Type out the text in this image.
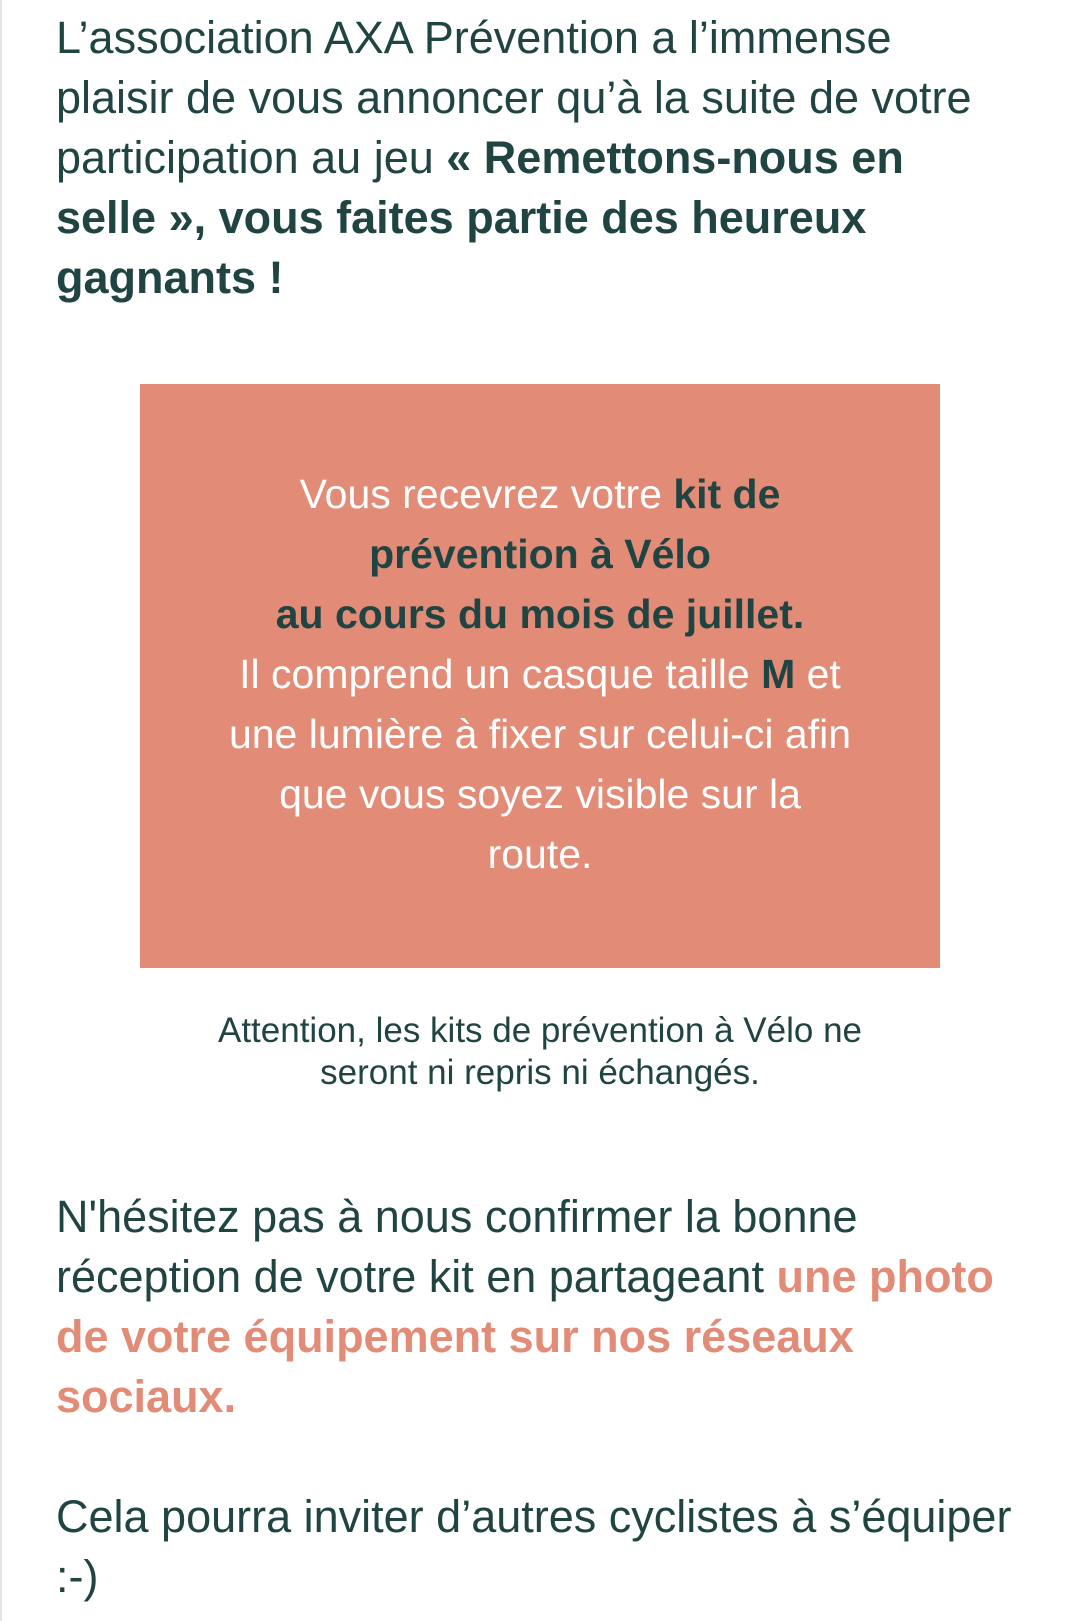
L’association AXA Prévention a l’immense plaisir de vous annoncer qu’à la suite de votre participation au jeu « Remettons-nous en selle », vous faites partie des heureux gagnants !

Vous recevrez votre kit de
prévention à Vélo
au cours du mois de juillet.
Il comprend un casque taille M et
une lumière à fixer sur celui-ci afin
que vous soyez visible sur la
route.
Attention, les kits de prévention à Vélo ne
seront ni repris ni échangés.

N'hésitez pas à nous confirmer la bonne réception de votre kit en partageant une photo de votre équipement sur nos réseaux sociaux.

Cela pourra inviter d’autres cyclistes à s’équiper :-)
